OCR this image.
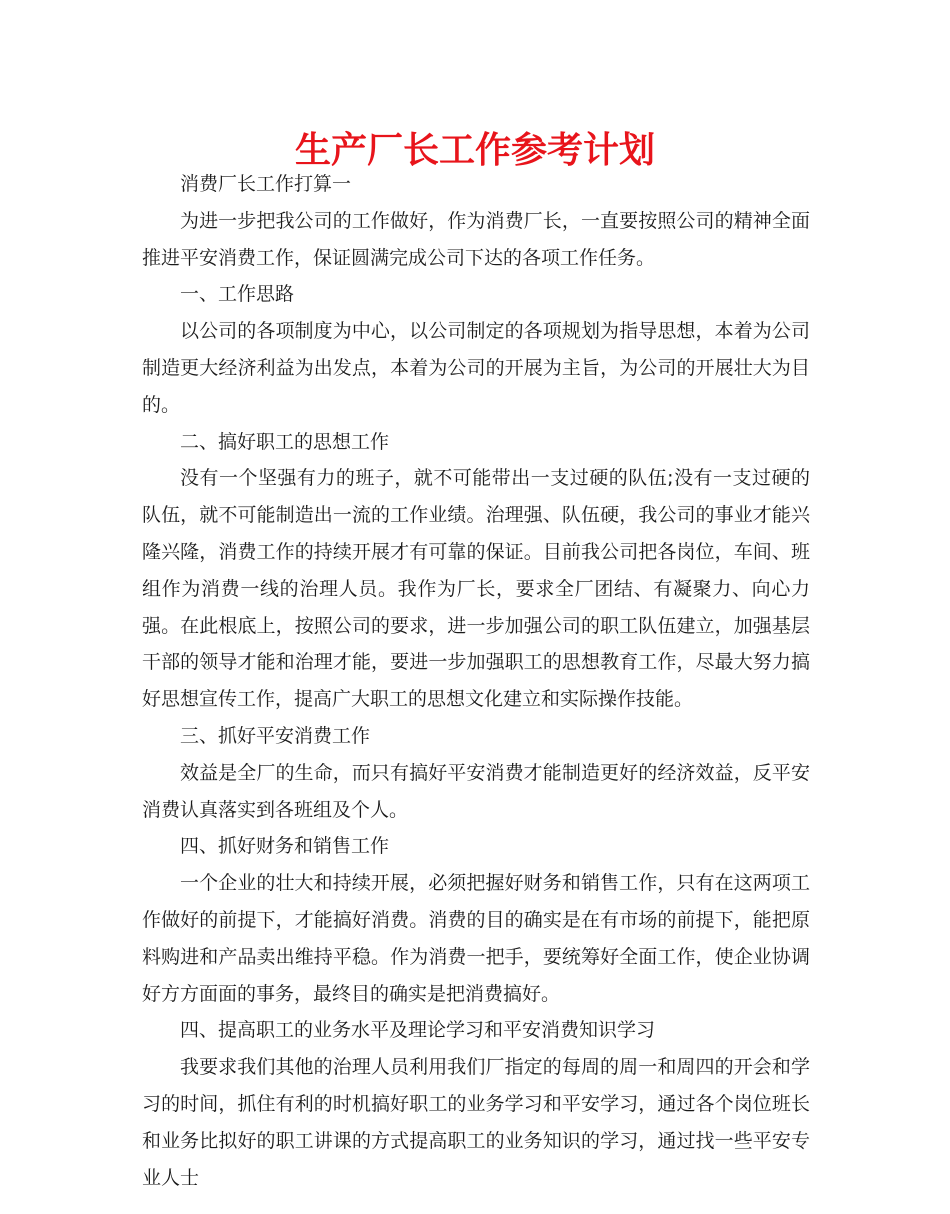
生产厂长工作参考计划

消费厂长工作打算一

为进一步把我公司的工作做好，作为消费厂长，一直要按照公司的精神全面推进平安消费工作，保证圆满完成公司下达的各项工作任务。

一、工作思路

以公司的各项制度为中心，以公司制定的各项规划为指导思想，本着为公司制造更大经济利益为出发点，本着为公司的开展为主旨，为公司的开展壮大为目的。

二、搞好职工的思想工作

没有一个坚强有力的班子，就不可能带出一支过硬的队伍;没有一支过硬的队伍，就不可能制造出一流的工作业绩。治理强、队伍硬，我公司的事业才能兴隆兴隆，消费工作的持续开展才有可靠的保证。目前我公司把各岗位，车间、班组作为消费一线的治理人员。我作为厂长，要求全厂团结、有凝聚力、向心力强。在此根底上，按照公司的要求，进一步加强公司的职工队伍建立，加强基层干部的领导才能和治理才能，要进一步加强职工的思想教育工作，尽最大努力搞好思想宣传工作，提高广大职工的思想文化建立和实际操作技能。

三、抓好平安消费工作

效益是全厂的生命，而只有搞好平安消费才能制造更好的经济效益，反平安消费认真落实到各班组及个人。

四、抓好财务和销售工作

一个企业的壮大和持续开展，必须把握好财务和销售工作，只有在这两项工作做好的前提下，才能搞好消费。消费的目的确实是在有市场的前提下，能把原料购进和产品卖出维持平稳。作为消费一把手，要统筹好全面工作，使企业协调好方方面面的事务，最终目的确实是把消费搞好。

四、提高职工的业务水平及理论学习和平安消费知识学习

我要求我们其他的治理人员利用我们厂指定的每周的周一和周四的开会和学习的时间，抓住有利的时机搞好职工的业务学习和平安学习，通过各个岗位班长和业务比拟好的职工讲课的方式提高职工的业务知识的学习，通过找一些平安专业人士
